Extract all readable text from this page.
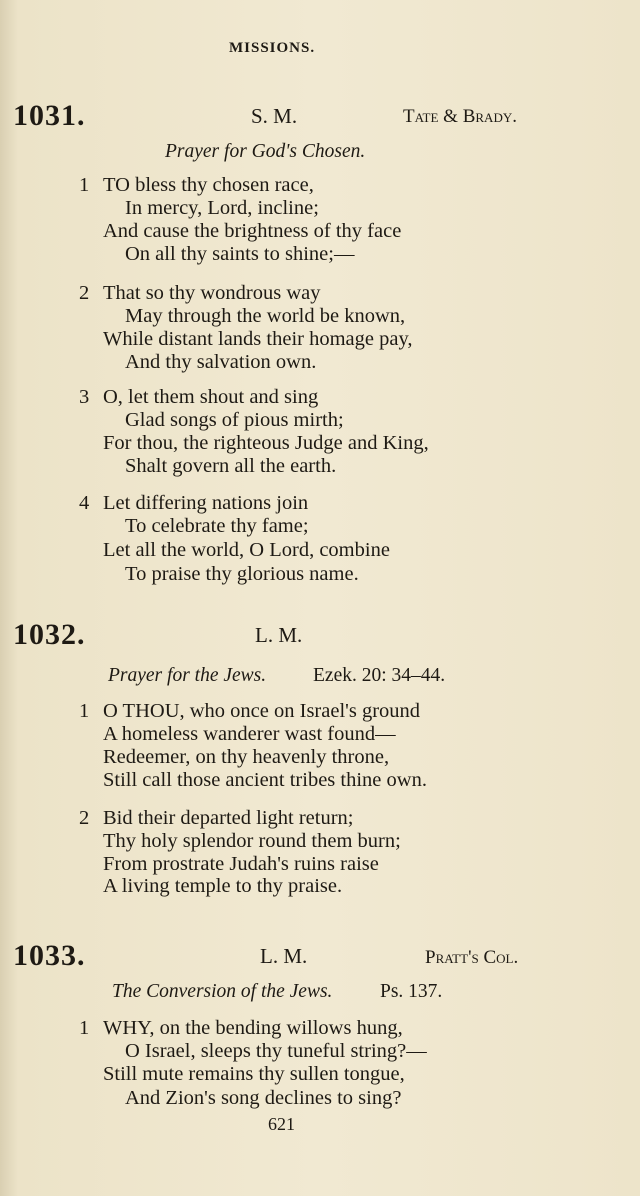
MISSIONS.
1031.	S. M.	Tate & Brady.
Prayer for God's Chosen.
1 TO bless thy chosen race,
In mercy, Lord, incline;
And cause the brightness of thy face
On all thy saints to shine;—
2 That so thy wondrous way
May through the world be known,
While distant lands their homage pay,
And thy salvation own.
3 O, let them shout and sing
Glad songs of pious mirth;
For thou, the righteous Judge and King,
Shalt govern all the earth.
4 Let differing nations join
To celebrate thy fame;
Let all the world, O Lord, combine
To praise thy glorious name.
1032.	L. M.
Prayer for the Jews. Ezek. 20: 34–44.
1 O THOU, who once on Israel's ground
A homeless wanderer wast found—
Redeemer, on thy heavenly throne,
Still call those ancient tribes thine own.
2 Bid their departed light return;
Thy holy splendor round them burn;
From prostrate Judah's ruins raise
A living temple to thy praise.
1033.	L. M.	Pratt's Col.
The Conversion of the Jews. Ps. 137.
1 WHY, on the bending willows hung,
O Israel, sleeps thy tuneful string?—
Still mute remains thy sullen tongue,
And Zion's song declines to sing?
621
